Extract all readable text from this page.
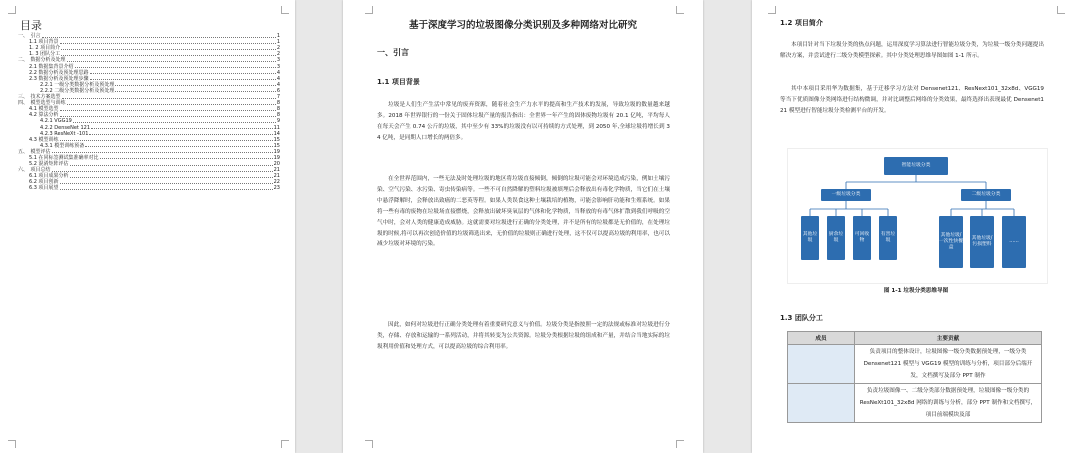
目录
一、　引言	1
1.1 项目背景	1
1. 2 项目简介	2
1. 3 团队分工	2
二、　数据分析及处理	3
2.1 数据集背景介绍	3
2.2 数据分析及预处理思路	4
2.3 数据分析及预处理步骤	4
2.2.1 一级分类数据分析及预处理	4
2.2.2 二级分类数据分析及预处理	6
三、　技术方案选型	7
四、　模型选型与训练	8
4.1 模型选型	8
4.2 算法分析	8
4.2.1 VGG19	9
4.2.2 DenseNet 121	11
4.2.3 ResNeXt -101	14
4.3 模型训练	15
4.3.1 模型训练预备	15
五、　模型评估	19
5.1 在同标签测试集准确率对比	19
5.2 混淆矩阵评估	20
六、　项目总结	21
6.1 项目成果分析	21
6.2 项目创新	22
6.3 项目展望	23
基于深度学习的垃圾图像分类识别及多种网络对比研究
一、引言
1.1 项目背景
垃圾是人们生产生活中常见的废弃资源，随着社会生产力水平的提高和生产技术的发展，导致垃圾的数量越来越多。2018 年世界银行的一份关于固体垃圾产量的报告指出：全世界一年产生的固体废物垃圾有 20.1 亿吨，平均每人在每天会产生 0.74 公斤的垃圾，其中至少有 33%的垃圾没有以可持续的方式处理，到 2050 年,全球垃圾将增长到 34 亿吨，是同期人口增长的两倍多。
在全世界范围内，一些无法及时处理垃圾的地区将垃圾直接倾倒，倾倒的垃圾可能会对环境造成污染，例如土壤污染、空气污染、水污染、寄虫传染病等。一些不可自然降解的塑料垃圾被填埋后会释放出有毒化学物质，当它们在土壤中悬浮降解时，会释放出致癌的二恶英等程。如果人类误食这种土壤栽培的植物，可能会影响肝功能和生殖系统。如果将一些有毒的废物在垃圾场直接燃烧，会释放出破坏臭氧层的气体和化学物质，当释放的有毒气体扩散到我们呼吸的空气中时，会对人类的健康造成威胁。这就需要对垃圾进行正确的分类处理，并不是所有的垃圾都是无价值的，在处理垃圾的时候,将可以再次创造价值的垃圾筛选出来，无价值的垃圾则正确进行处理，这不仅可以提高垃圾的利用率，也可以减少垃圾对环境的污染。
因此，如何对垃圾进行正确分类处理有着重要研究意义与价值。垃圾分类是指按照一定的法规或标准对垃圾进行分类，存储、存放和运输的一系列活动，并将其转变为公共资源。垃圾分类根据垃圾的组成和产量，并结合当地实际的垃圾利用价值和处理方式，可以提高垃圾的综合利用率。
1.2 项目简介
本项目针对当下垃圾分类的热点问题，运用深度学习算法进行智能垃圾分类，为垃圾一级分类问题提出解决方案，并尝试进行二级分类模型探索。其中分类处理思维导图如图 1-1 所示。
其中本项目采用华为数据集，基于迁移学习方法对 Densenet121、ResNext101_32x8d、VGG19 等当下优质图像分类网络进行结构微调，并对比调整后网络的分类效果，最终选择出表现最优 Densenet121 模型进行智能垃圾分类检测平台的开发。
智能垃圾分类
一级垃圾分类	二级垃圾分类
其他垃圾
厨余垃圾
可回收物
有害垃圾
其他垃圾/一次性快餐盒
其他垃圾/污损塑料
……
图 1-1 垃圾分类思维导图
1.3 团队分工
成员	主要贡献
	负责项目的整体设计，垃圾图像一级分类数据预处理，一级分类 Densenet121 模型与 VGG19 模型的训练与分析，项目部分后端开发，文档撰写及部分 PPT 制作
	负责垃圾图像一、二级分类部分数据预处理，垃圾图像一级分类的 ResNeXt101_32x8d 网络的训练与分析，部分 PPT 制作和文档撰写，项目前端模块及部
